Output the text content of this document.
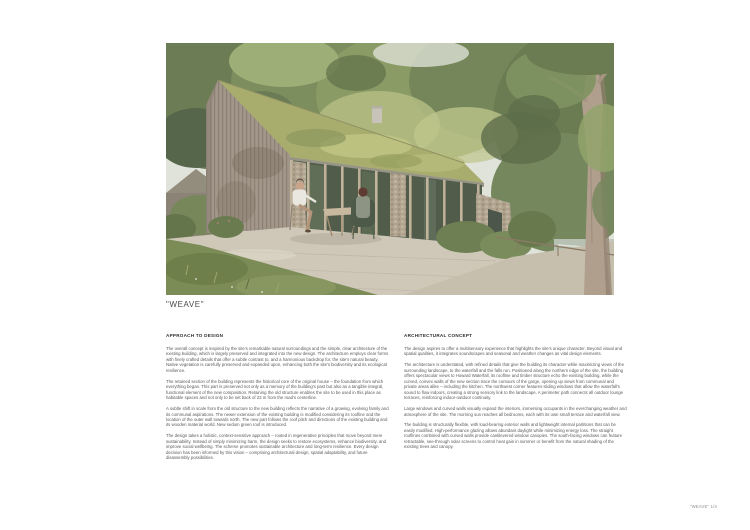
"WEAVE"
APPROACH TO DESIGN

The overall concept is inspired by the site's remarkable natural surroundings and the simple, clear architecture of the existing building, which is largely preserved and integrated into the new design. The architecture employs clear forms with finely crafted details that offer a subtle contrast to, and a harmonious backdrop for, the site's natural beauty. Native vegetation is carefully preserved and expanded upon, enhancing both the site's biodiversity and its ecological resilience.

The retained section of the building represents the historical core of the original house – the foundation from which everything began. This part is preserved not only as a memory of the building's past but also as a tangible integral, functional element of the new composition. Retaining the old structure enables the site to be used in this place as habitable spaces and not only to be set back of 23 m from the road's centerline.

A subtle shift in scale from the old structure to the new building reflects the narrative of a growing, evolving family and its communal aspirations. The newer extension of the existing building is modified considering its roofline and the location of the outer wall towards north. The new part follows the roof pitch and directions of the existing building and its wooden material world. New sedum green roof is introduced.

The design takes a holistic, context-sensitive approach – rooted in regenerative principles that move beyond mere sustainability. Instead of simply minimizing harm, the design seeks to restore ecosystems, enhance biodiversity, and improve social wellbeing. The scheme promotes sustainable architecture and long-term resilience. Every design decision has been informed by this vision – comprising architectural design, spatial adaptability, and future disassembly possibilities.

ARCHITECTURAL CONCEPT

The design aspires to offer a multisensory experience that highlights the site's unique character. Beyond visual and spatial qualities, it integrates soundscapes and seasonal and weather changes as vital design elements.

The architecture is understated, with refined details that give the building its character while maximizing views of the surrounding landscape, to the waterfall and the falls run. Positioned along the northern edge of the site, the building offers spectacular views to Howard Waterfall, its roofline and timber structure echo the existing building, while the curved, convex walls of the new section trace the contours of the gorge, opening up views from communal and private areas alike – including the kitchen. The northwest corner features sliding windows that allow the waterfall's sound to flow indoors, creating a strong sensory link to the landscape. A perimeter path connects all outdoor lounge terraces, reinforcing indoor-outdoor continuity.

Large windows and curved walls visually expand the interiors, immersing occupants in the everchanging weather and atmosphere of the site. The morning sun reaches all bedrooms, each with its own small terrace and waterfall view.

The building is structurally flexible, with load-bearing exterior walls and lightweight internal partitions that can be easily modified. High-performance glazing allows abundant daylight while minimizing energy loss. The straight rooflines combined with curved walls provide cantilevered window canopies. The south-facing windows can feature retractable, see-through solar screens to control heat gain in summer or benefit from the natural shading of the existing trees and canopy.

"WEAVE" 1/4
